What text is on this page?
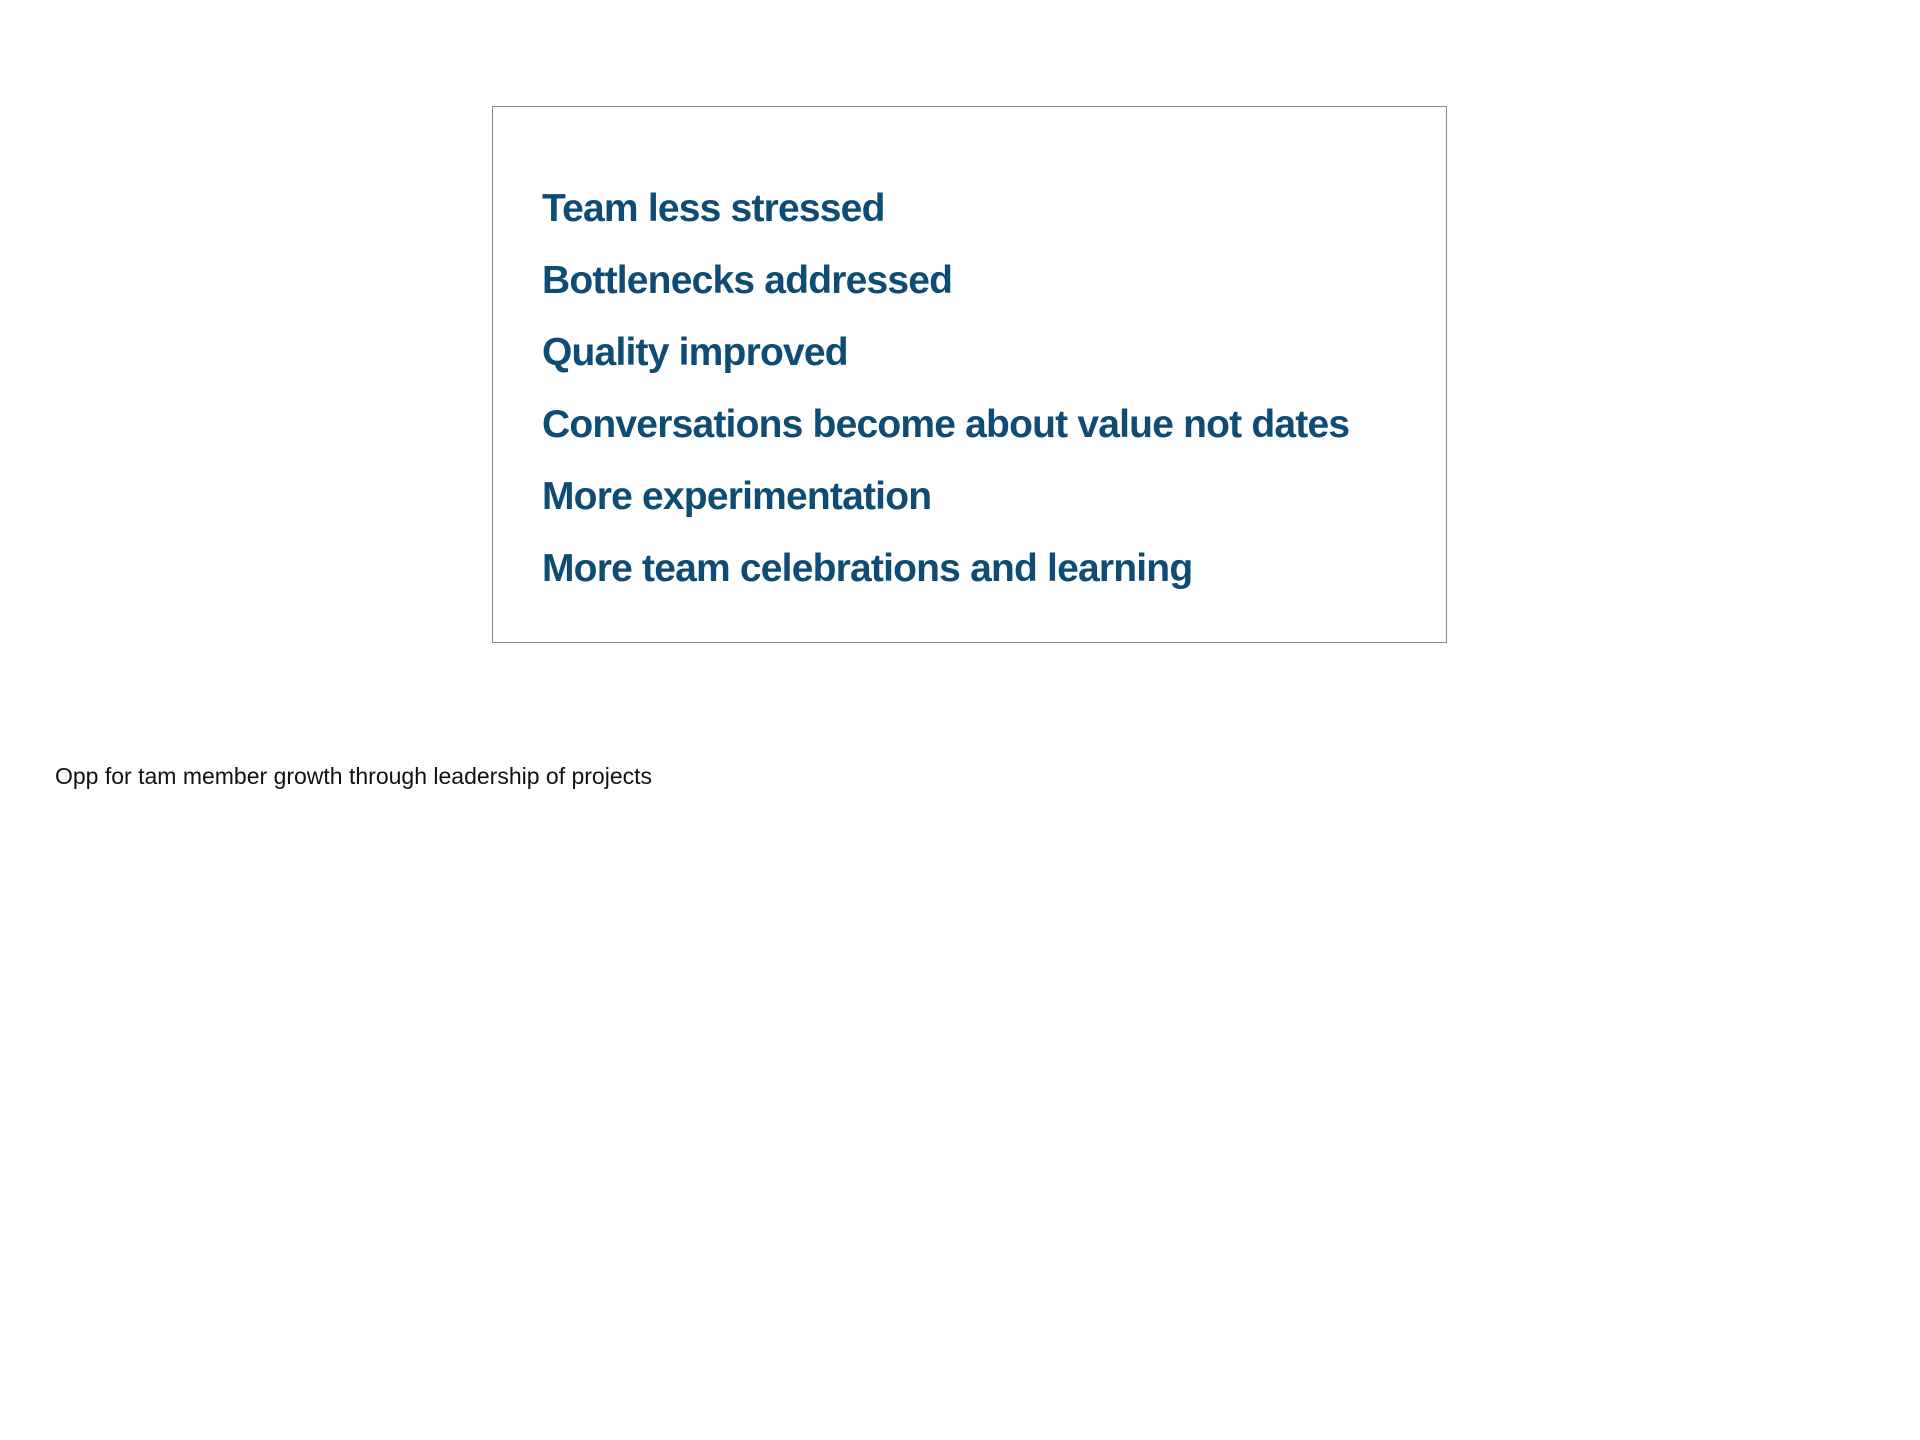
Team less stressed
Bottlenecks addressed
Quality improved
Conversations become about value not dates
More experimentation
More team celebrations and learning
Opp for tam member growth through leadership of projects
